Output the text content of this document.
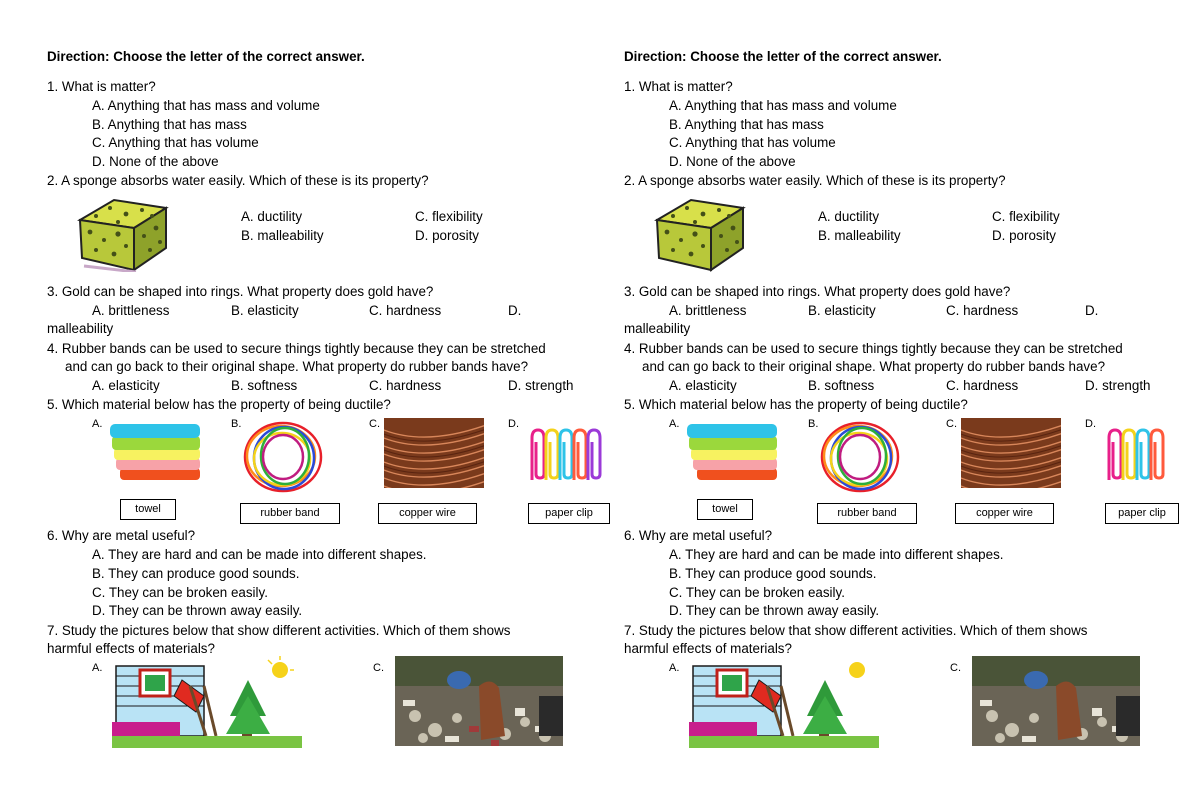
Direction: Choose the letter of the correct answer.
1. What is matter?
A. Anything that has mass and volume
B. Anything that has mass
C. Anything that has volume
D. None of the above
2. A sponge absorbs water easily. Which of these is its property?
A. ductility
B. malleability
C. flexibility
D. porosity
3. Gold can be shaped into rings. What property does gold have?
A. brittleness	B. elasticity	C. hardness	D.
malleability
4. Rubber bands can be used to secure things tightly because they can be stretched
and can go back to their original shape. What property do rubber bands have?
A. elasticity	B. softness	C. hardness	D. strength
5. Which material below has the property of being ductile?
A.	B.	C.	D.
towel	rubber band	copper wire	paper clip
6. Why are metal useful?
A. They are hard and can be made into different shapes.
B. They can produce good sounds.
C. They can be broken easily.
D. They can be thrown away easily.
7. Study the pictures below that show different activities. Which of them shows
harmful effects of materials?
A.	C.
Direction: Choose the letter of the correct answer.
1. What is matter?
A. Anything that has mass and volume
B. Anything that has mass
C. Anything that has volume
D. None of the above
2. A sponge absorbs water easily. Which of these is its property?
A. ductility
B. malleability
C. flexibility
D. porosity
3. Gold can be shaped into rings. What property does gold have?
A. brittleness	B. elasticity	C. hardness	D.
malleability
4. Rubber bands can be used to secure things tightly because they can be stretched
and can go back to their original shape. What property do rubber bands have?
A. elasticity	B. softness	C. hardness	D. strength
5. Which material below has the property of being ductile?
A.	B.	C.	D.
towel	rubber band	copper wire	paper clip
6. Why are metal useful?
A. They are hard and can be made into different shapes.
B. They can produce good sounds.
C. They can be broken easily.
D. They can be thrown away easily.
7. Study the pictures below that show different activities. Which of them shows
harmful effects of materials?
A.	C.
